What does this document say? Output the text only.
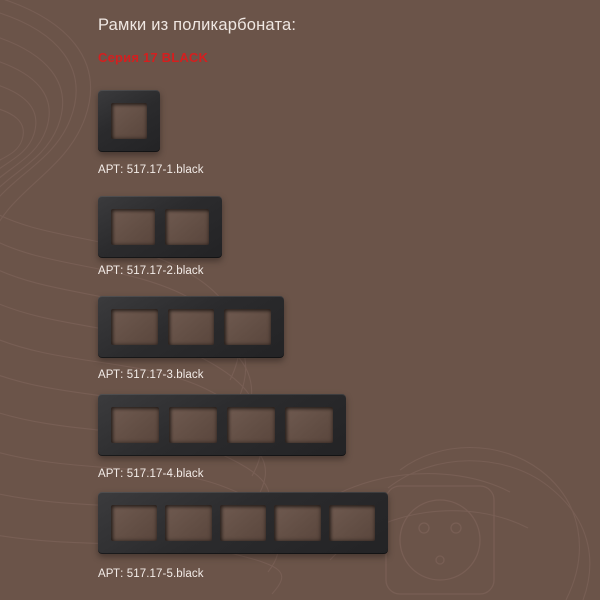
Рамки из поликарбоната:
Серия 17 BLACK
АРТ: 517.17-1.black
АРТ: 517.17-2.black
АРТ: 517.17-3.black
АРТ: 517.17-4.black
АРТ: 517.17-5.black
